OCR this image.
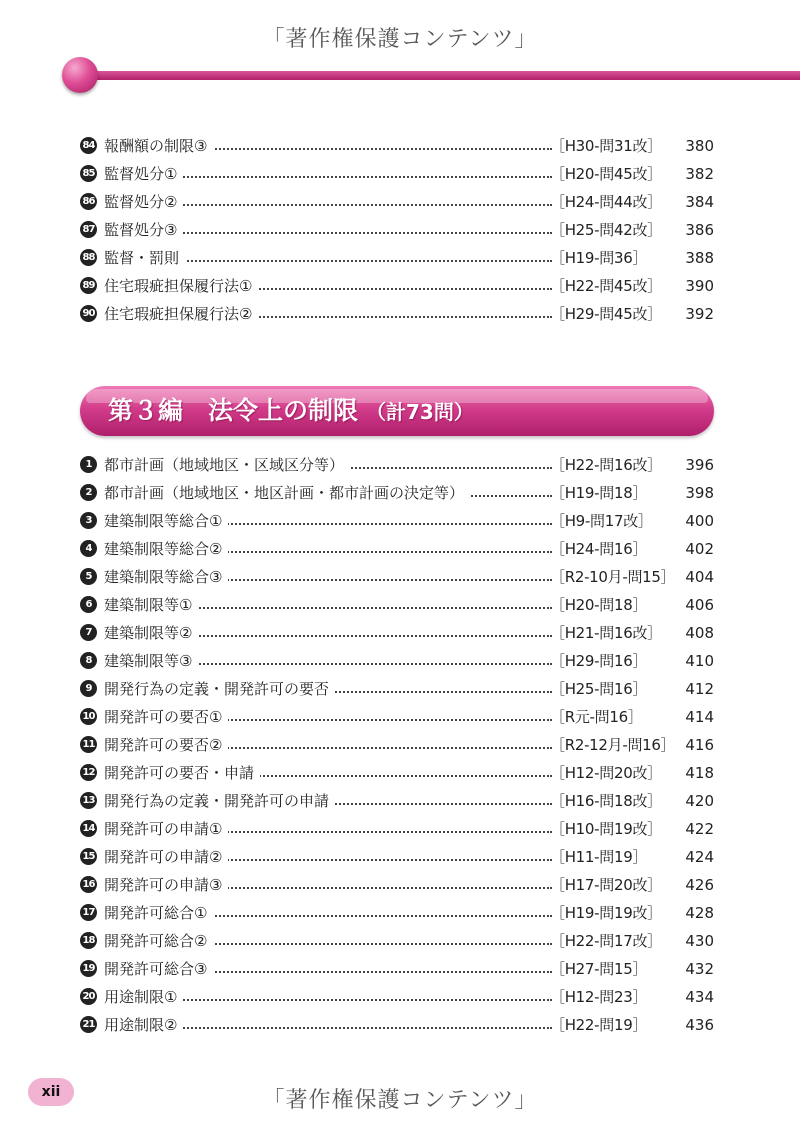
「著作権保護コンテンツ」
84 報酬額の制限③	［H30-問31改］ 380
85 監督処分①	［H20-問45改］ 382
86 監督処分②	［H24-問44改］ 384
87 監督処分③	［H25-問42改］ 386
88 監督・罰則	［H19-問36］	388
89 住宅瑕疵担保履行法①	［H22-問45改］ 390
90 住宅瑕疵担保履行法②	［H29-問45改］ 392
第３編　法令上の制限 （計73問）
1 都市計画（地域地区・区域区分等）	［H22-問16改］ 396
2 都市計画（地域地区・地区計画・都市計画の決定等）	［H19-問18］	398
3 建築制限等総合①	［H9-問17改］ 400
4 建築制限等総合②	［H24-問16］	402
5 建築制限等総合③	［R2-10月-問15］ 404
6 建築制限等①	［H20-問18］	406
7 建築制限等②	［H21-問16改］ 408
8 建築制限等③	［H29-問16］	410
9 開発行為の定義・開発許可の要否	［H25-問16］	412
10 開発許可の要否①	［R元-問16］	414
11 開発許可の要否②	［R2-12月-問16］ 416
12 開発許可の要否・申請	［H12-問20改］ 418
13 開発行為の定義・開発許可の申請	［H16-問18改］ 420
14 開発許可の申請①	［H10-問19改］ 422
15 開発許可の申請②	［H11-問19］	424
16 開発許可の申請③	［H17-問20改］ 426
17 開発許可総合①	［H19-問19改］ 428
18 開発許可総合②	［H22-問17改］ 430
19 開発許可総合③	［H27-問15］	432
20 用途制限①	［H12-問23］	434
21 用途制限②	［H22-問19］	436
xii	「著作権保護コンテンツ」
